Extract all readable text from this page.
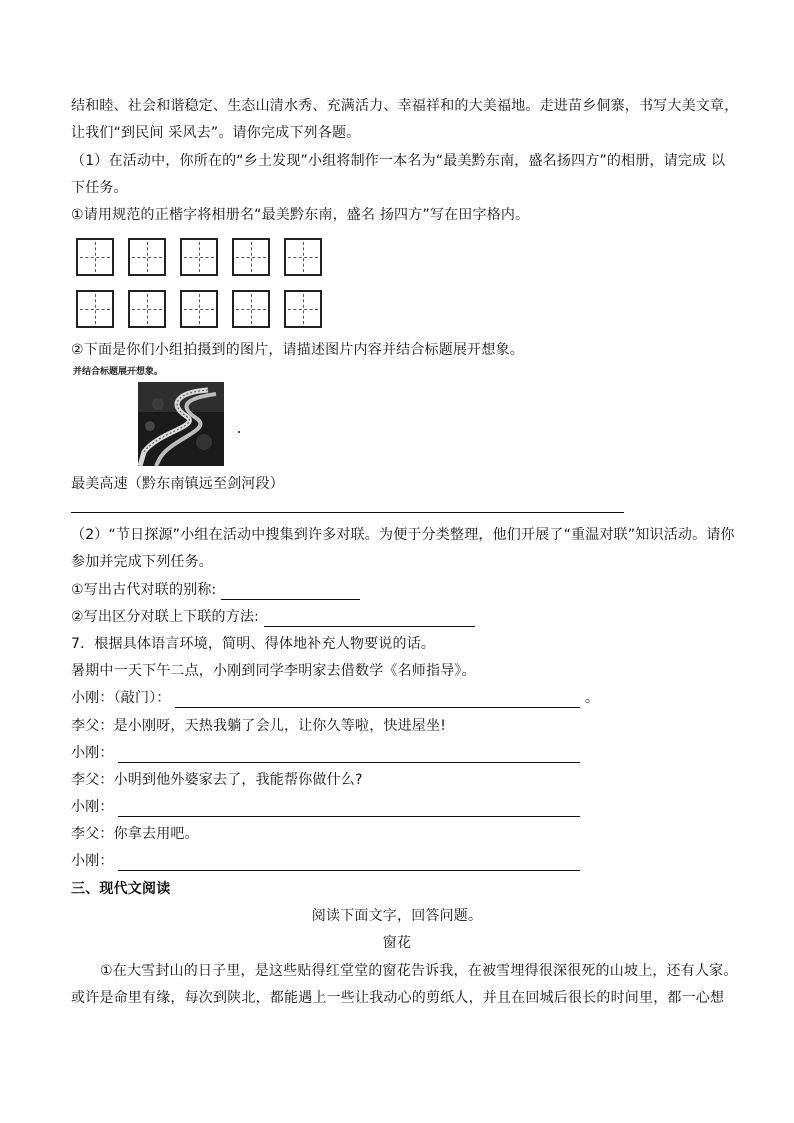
结和睦、社会和谐稳定、生态山清水秀、充满活力、幸福祥和的大美福地。走进苗乡侗寨，书写大美文章，
让我们“到民间 采风去”。请你完成下列各题。
（1）在活动中，你所在的“乡土发现”小组将制作一本名为“最美黔东南，盛名扬四方”的相册，请完成 以
下任务。
①请用规范的正楷字将相册名“最美黔东南，盛名 扬四方”写在田字格内。
②下面是你们小组拍摄到的图片，请描述图片内容并结合标题展开想象。
并结合标题展开想象。
最美高速（黔东南镇远至剑河段）
（2）“节日探源”小组在活动中搜集到许多对联。为便于分类整理，他们开展了“重温对联”知识活动。请你
参加并完成下列任务。
①写出古代对联的别称:
②写出区分对联上下联的方法:
7．根据具体语言环境，简明、得体地补充人物要说的话。
暑期中一天下午二点，小刚到同学李明家去借数学《名师指导》。
小刚：（敲门）：	。
李父：是小刚呀，天热我躺了会儿，让你久等啦，快进屋坐!
小刚：
李父：小明到他外婆家去了，我能帮你做什么?
小刚：
李父：你拿去用吧。
小刚：
三、现代文阅读
阅读下面文字，回答问题。
窗花
①在大雪封山的日子里，是这些贴得红堂堂的窗花告诉我，在被雪埋得很深很死的山坡上，还有人家。
或许是命里有缘，每次到陕北，都能遇上一些让我动心的剪纸人，并且在回城后很长的时间里，都一心想
